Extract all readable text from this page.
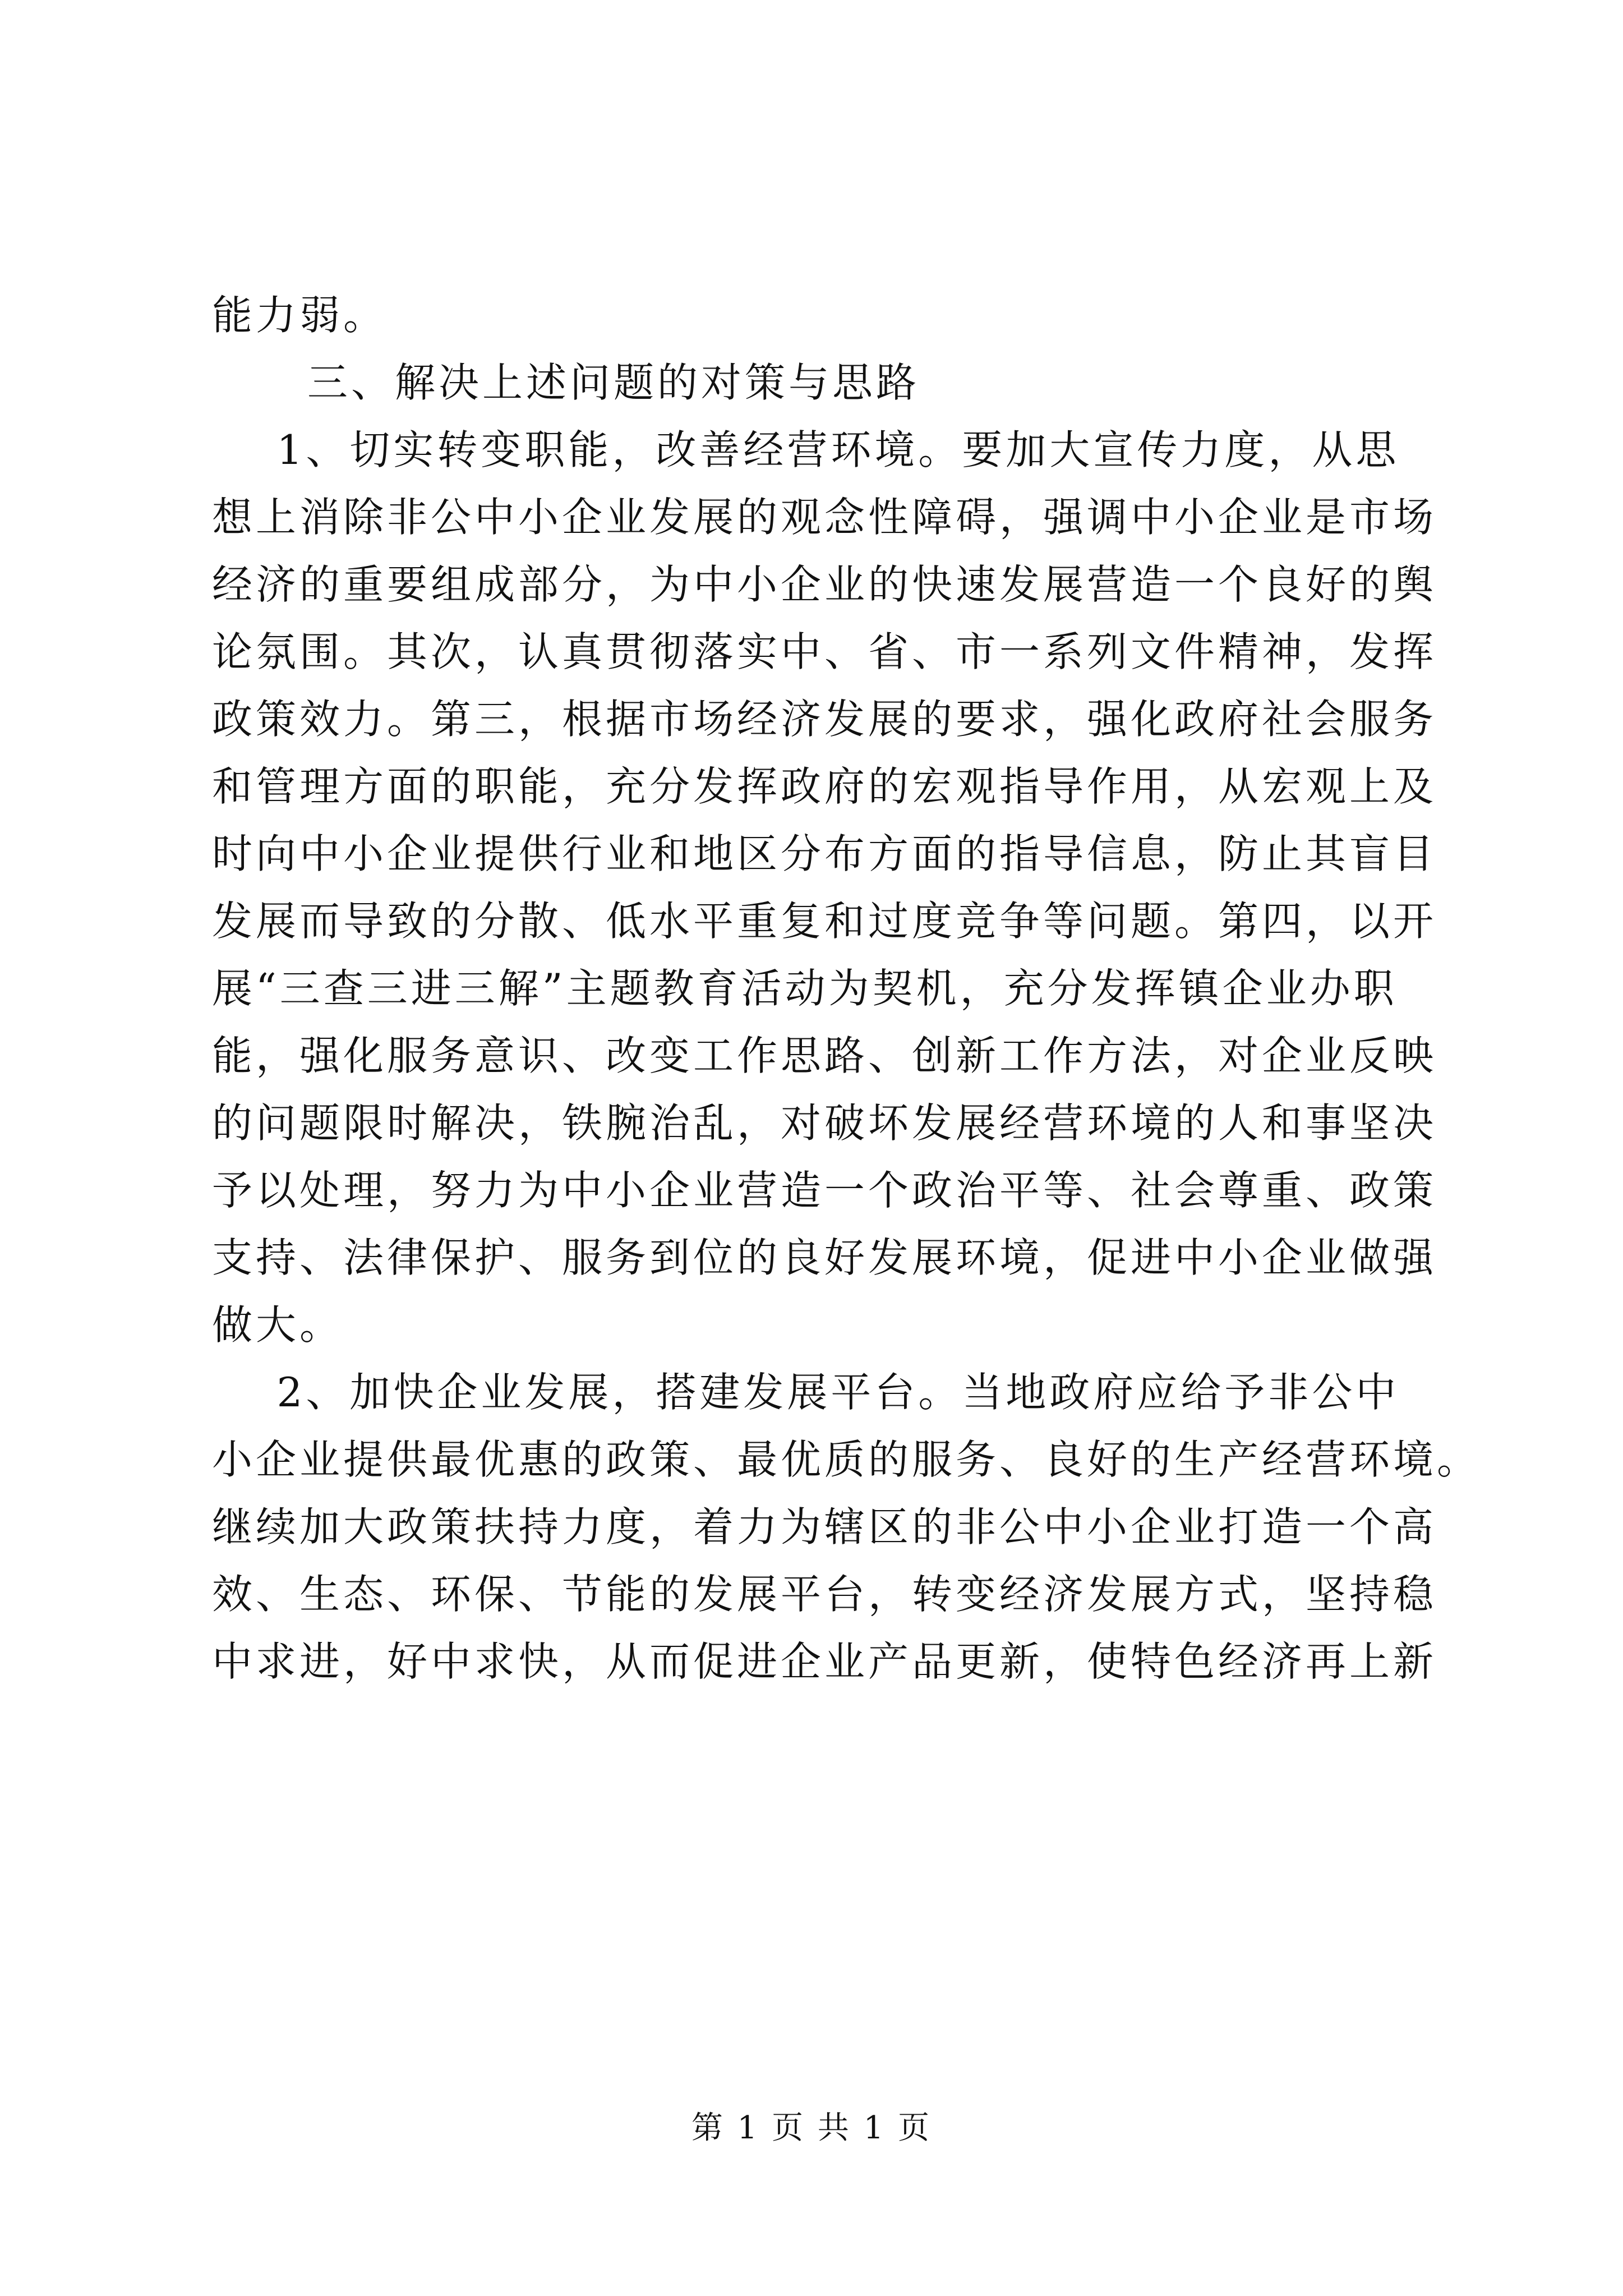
能力弱。
三、解决上述问题的对策与思路
1、切实转变职能，改善经营环境。要加大宣传力度，从思
想上消除非公中小企业发展的观念性障碍，强调中小企业是市场
经济的重要组成部分，为中小企业的快速发展营造一个良好的舆
论氛围。其次，认真贯彻落实中、省、市一系列文件精神，发挥
政策效力。第三，根据市场经济发展的要求，强化政府社会服务
和管理方面的职能，充分发挥政府的宏观指导作用，从宏观上及
时向中小企业提供行业和地区分布方面的指导信息，防止其盲目
发展而导致的分散、低水平重复和过度竞争等问题。第四，以开
展“三查三进三解”主题教育活动为契机，充分发挥镇企业办职
能，强化服务意识、改变工作思路、创新工作方法，对企业反映
的问题限时解决，铁腕治乱，对破坏发展经营环境的人和事坚决
予以处理，努力为中小企业营造一个政治平等、社会尊重、政策
支持、法律保护、服务到位的良好发展环境，促进中小企业做强
做大。
2、加快企业发展，搭建发展平台。当地政府应给予非公中
小企业提供最优惠的政策、最优质的服务、良好的生产经营环境。
继续加大政策扶持力度，着力为辖区的非公中小企业打造一个高
效、生态、环保、节能的发展平台，转变经济发展方式，坚持稳
中求进，好中求快，从而促进企业产品更新，使特色经济再上新
第 1 页 共 1 页
